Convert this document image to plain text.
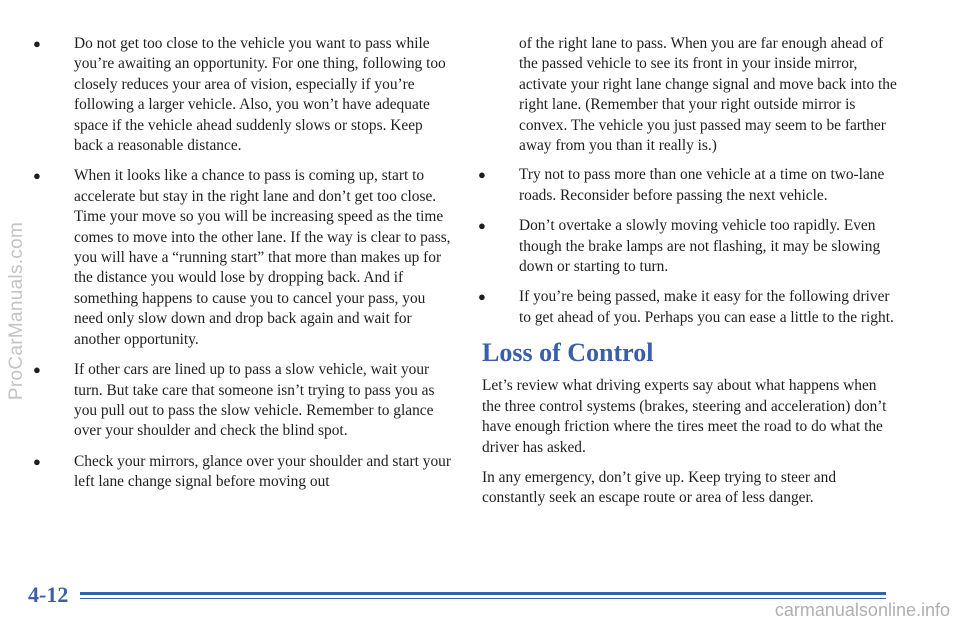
ProCarManuals.com
●	Do not get too close to the vehicle you want to pass while you’re awaiting an opportunity. For one thing, following too closely reduces your area of vision, especially if you’re following a larger vehicle. Also, you won’t have adequate space if the vehicle ahead suddenly slows or stops. Keep back a reasonable distance.
●	When it looks like a chance to pass is coming up, start to accelerate but stay in the right lane and don’t get too close. Time your move so you will be increasing speed as the time comes to move into the other lane. If the way is clear to pass, you will have a “running start” that more than makes up for the distance you would lose by dropping back. And if something happens to cause you to cancel your pass, you need only slow down and drop back again and wait for another opportunity.
●	If other cars are lined up to pass a slow vehicle, wait your turn. But take care that someone isn’t trying to pass you as you pull out to pass the slow vehicle. Remember to glance over your shoulder and check the blind spot.
●	Check your mirrors, glance over your shoulder and start your left lane change signal before moving out

of the right lane to pass. When you are far enough ahead of the passed vehicle to see its front in your inside mirror, activate your right lane change signal and move back into the right lane. (Remember that your right outside mirror is convex. The vehicle you just passed may seem to be farther away from you than it really is.)

●	Try not to pass more than one vehicle at a time on two-lane roads. Reconsider before passing the next vehicle.
●	Don’t overtake a slowly moving vehicle too rapidly. Even though the brake lamps are not flashing, it may be slowing down or starting to turn.
●	If you’re being passed, make it easy for the following driver to get ahead of you. Perhaps you can ease a little to the right.
Loss of Control

Let’s review what driving experts say about what happens when the three control systems (brakes, steering and acceleration) don’t have enough friction where the tires meet the road to do what the driver has asked.

In any emergency, don’t give up. Keep trying to steer and constantly seek an escape route or area of less danger.

4-12
carmanualsonline.info
